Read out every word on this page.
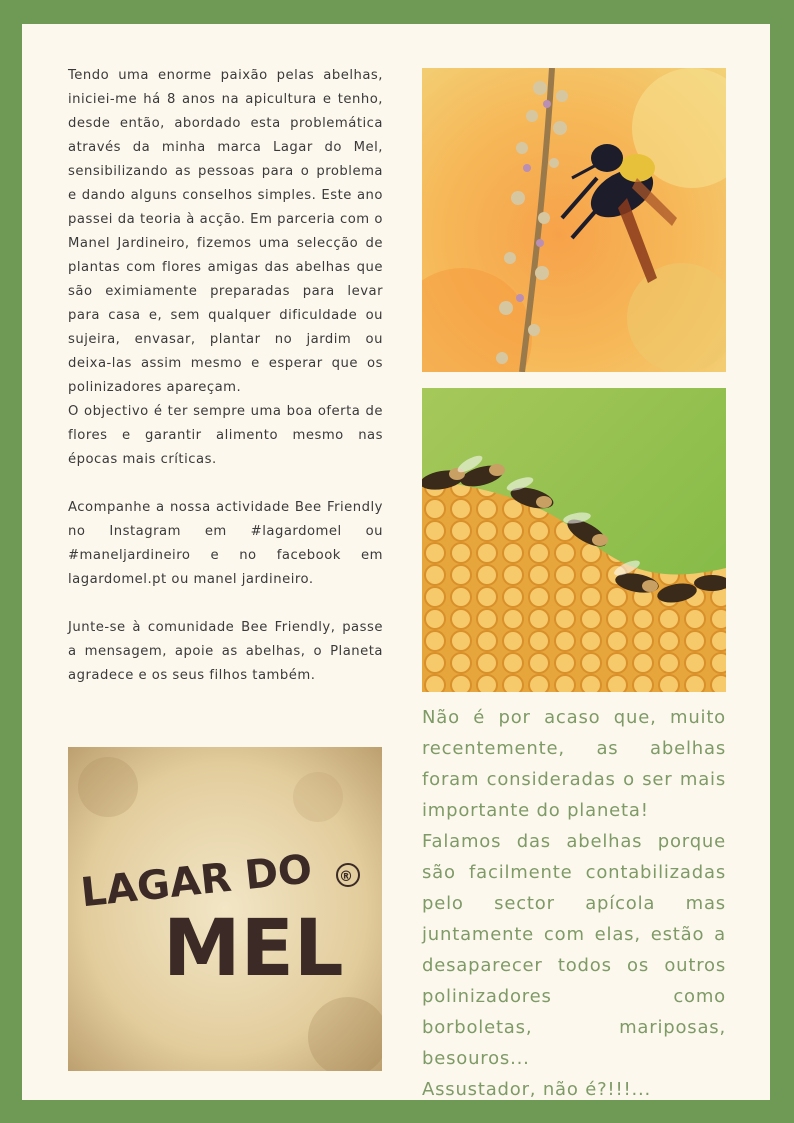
Tendo uma enorme paixão pelas abelhas, iniciei-me há 8 anos na apicultura e tenho, desde então, abordado esta problemática através da minha marca Lagar do Mel, sensibilizando as pessoas para o problema e dando alguns conselhos simples. Este ano passei da teoria à acção. Em parceria com o Manel Jardineiro, fizemos uma selecção de plantas com flores amigas das abelhas que são eximiamente preparadas para levar para casa e, sem qualquer dificuldade ou sujeira, envasar, plantar no jardim ou deixa-las assim mesmo e esperar que os polinizadores apareçam.

O objectivo é ter sempre uma boa oferta de flores e garantir alimento mesmo nas épocas mais críticas.

Acompanhe a nossa actividade Bee Friendly no Instagram em #lagardomel ou #maneljardineiro e no facebook em lagardomel.pt ou manel jardineiro.

Junte-se à comunidade Bee Friendly, passe a mensagem, apoie as abelhas, o Planeta agradece e os seus filhos também.

LAGAR DO
MEL
®

Não é por acaso que, muito recentemente, as abelhas foram consideradas o ser mais importante do planeta!

Falamos das abelhas porque são facilmente contabilizadas pelo sector apícola mas juntamente com elas, estão a desaparecer todos os outros polinizadores como borboletas, mariposas, besouros...

Assustador, não é?!!!...
